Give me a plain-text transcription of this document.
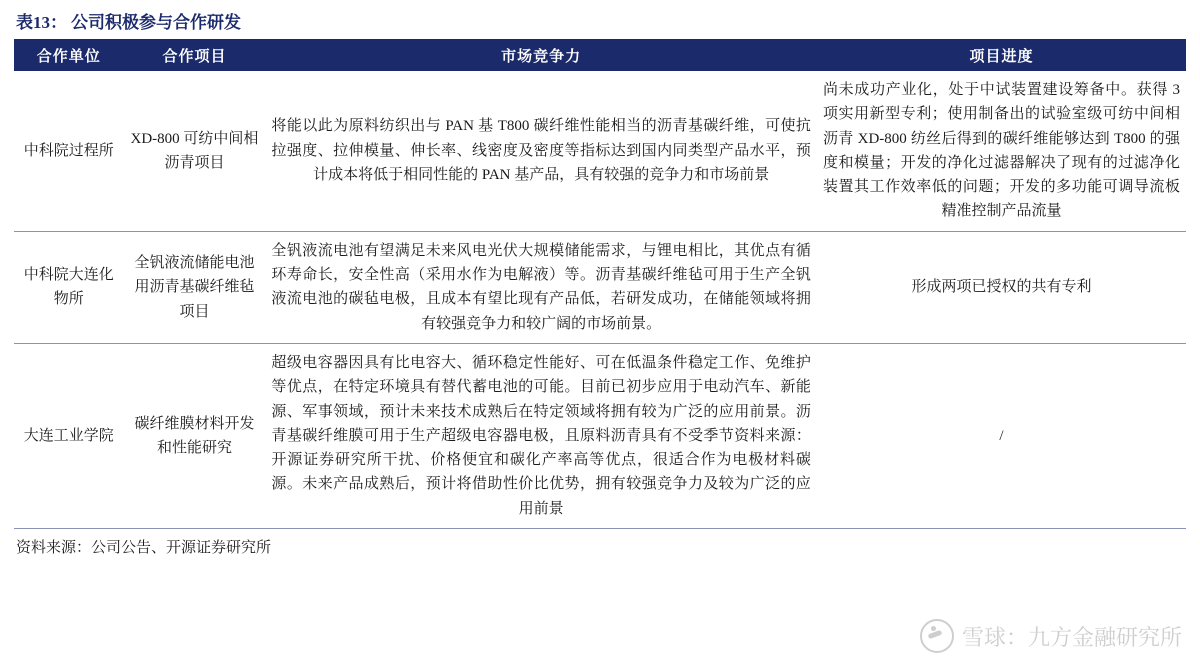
表13： 公司积极参与合作研发
合作单位	合作项目	市场竞争力	项目进度
中科院过程所	XD-800 可纺中间相沥青项目	将能以此为原料纺织出与 PAN 基 T800 碳纤维性能相当的沥青基碳纤维，可使抗拉强度、拉伸模量、伸长率、线密度及密度等指标达到国内同类型产品水平，预计成本将低于相同性能的 PAN 基产品，具有较强的竞争力和市场前景	尚未成功产业化，处于中试装置建设筹备中。获得 3 项实用新型专利；使用制备出的试验室级可纺中间相沥青 XD-800 纺丝后得到的碳纤维能够达到 T800 的强度和模量；开发的净化过滤器解决了现有的过滤净化装置其工作效率低的问题；开发的多功能可调导流板精准控制产品流量
中科院大连化物所	全钒液流储能电池用沥青基碳纤维毡项目	全钒液流电池有望满足未来风电光伏大规模储能需求，与锂电相比，其优点有循环寿命长，安全性高（采用水作为电解液）等。沥青基碳纤维毡可用于生产全钒液流电池的碳毡电极，且成本有望比现有产品低，若研发成功，在储能领域将拥有较强竞争力和较广阔的市场前景。	形成两项已授权的共有专利
大连工业学院	碳纤维膜材料开发和性能研究	超级电容器因具有比电容大、循环稳定性能好、可在低温条件稳定工作、免维护等优点，在特定环境具有替代蓄电池的可能。目前已初步应用于电动汽车、新能 源、军事领域，预计未来技术成熟后在特定领域将拥有较为广泛的应用前景。沥青基碳纤维膜可用于生产超级电容器电极，且原料沥青具有不受季节资料来源：开源证券研究所干扰、价格便宜和碳化产率高等优点，很适合作为电极材料碳源。未来产品成熟后，预计将借助性价比优势，拥有较强竞争力及较为广泛的应用前景	/
资料来源：公司公告、开源证券研究所
雪球：九方金融研究所
